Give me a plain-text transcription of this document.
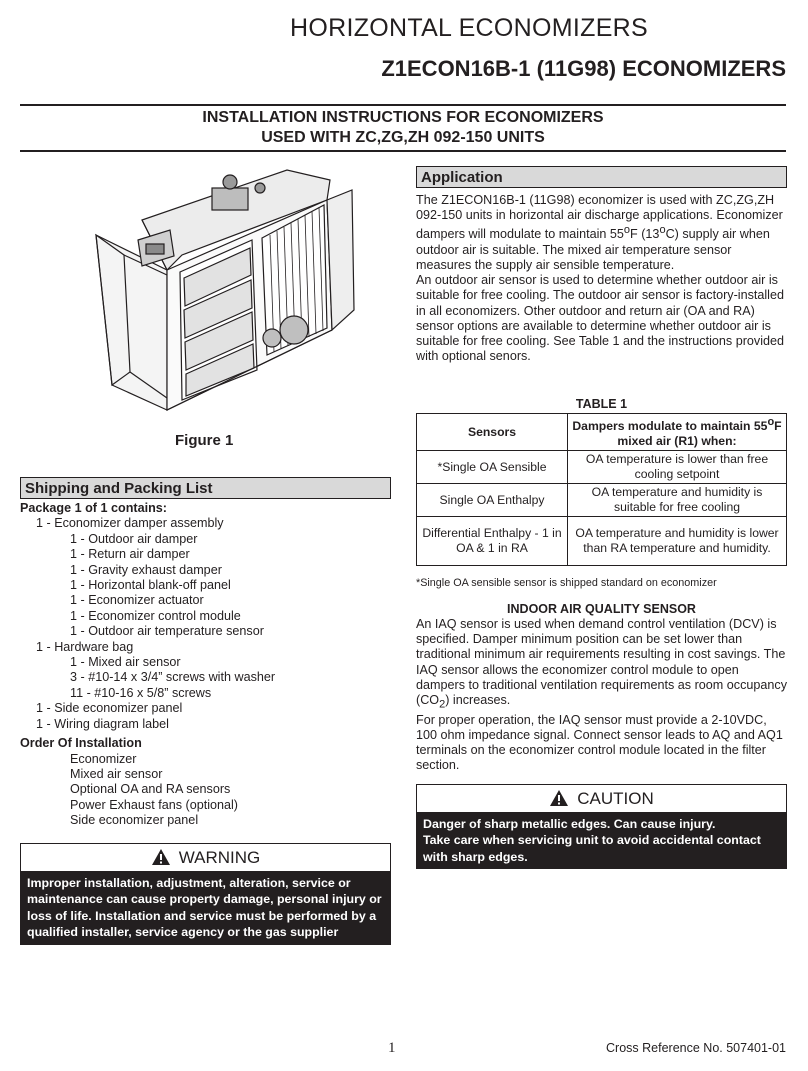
HORIZONTAL ECONOMIZERS
Z1ECON16B-1 (11G98) ECONOMIZERS
INSTALLATION INSTRUCTIONS FOR ECONOMIZERS
USED WITH ZC,ZG,ZH 092-150 UNITS
Figure 1
Shipping and Packing List
Package 1 of 1 contains:
1 - Economizer damper assembly
1 - Outdoor air damper
1 - Return air damper
1 - Gravity exhaust damper
1 - Horizontal blank-off panel
1 - Economizer actuator
1 - Economizer control module
1 - Outdoor air temperature sensor
1 - Hardware bag
1 - Mixed air sensor
3 - #10-14 x 3/4” screws with washer
11 - #10-16 x 5/8” screws
1 - Side economizer panel
1 - Wiring diagram label
Order Of Installation
Economizer
Mixed air sensor
Optional OA and RA sensors
Power Exhaust fans (optional)
Side economizer panel
WARNING
Improper installation, adjustment, alteration, service or maintenance can cause property damage, personal injury or loss of life. Installation and service must be performed by a qualified installer, service agency or the gas supplier
Application

The Z1ECON16B-1 (11G98) economizer is used with ZC,ZG,ZH 092-150 units in horizontal air discharge applications. Economizer dampers will modulate to maintain 55$^o$F (13$^o$C) supply air when outdoor air is suitable. The mixed air temperature sensor measures the supply air sensible temperature.

An outdoor air sensor is used to determine whether outdoor air is suitable for free cooling. The outdoor air sensor is factory-installed in all economizers. Other outdoor and return air (OA and RA) sensor options are available to determine whether outdoor air is suitable for free cooling. See Table 1 and the instructions provided with optional senors.

TABLE 1
Sensors	Dampers modulate to maintain 55$^o$F mixed air (R1) when:
*Single OA Sensible	OA temperature is lower than free cooling setpoint
Single OA Enthalpy	OA temperature and humidity is suitable for free cooling
Differential Enthalpy - 1 in OA & 1 in RA	OA temperature and humidity is lower than RA temperature and humidity.
*Single OA sensible sensor is shipped standard on economizer
INDOOR AIR QUALITY SENSOR

An IAQ sensor is used when demand control ventilation (DCV) is specified. Damper minimum position can be set lower than traditional minimum air requirements resulting in cost savings. The IAQ sensor allows the economizer control module to open dampers to traditional ventilation requirements as room occupancy $(CO_2)$ increases.

For proper operation, the IAQ sensor must provide a 2-10VDC, 100 ohm impedance signal. Connect sensor leads to AQ and AQ1 terminals on the economizer control module located in the filter section.

CAUTION
Danger of sharp metallic edges. Can cause injury.
Take care when servicing unit to avoid accidental contact with sharp edges.
1	Cross Reference No. 507401-01
